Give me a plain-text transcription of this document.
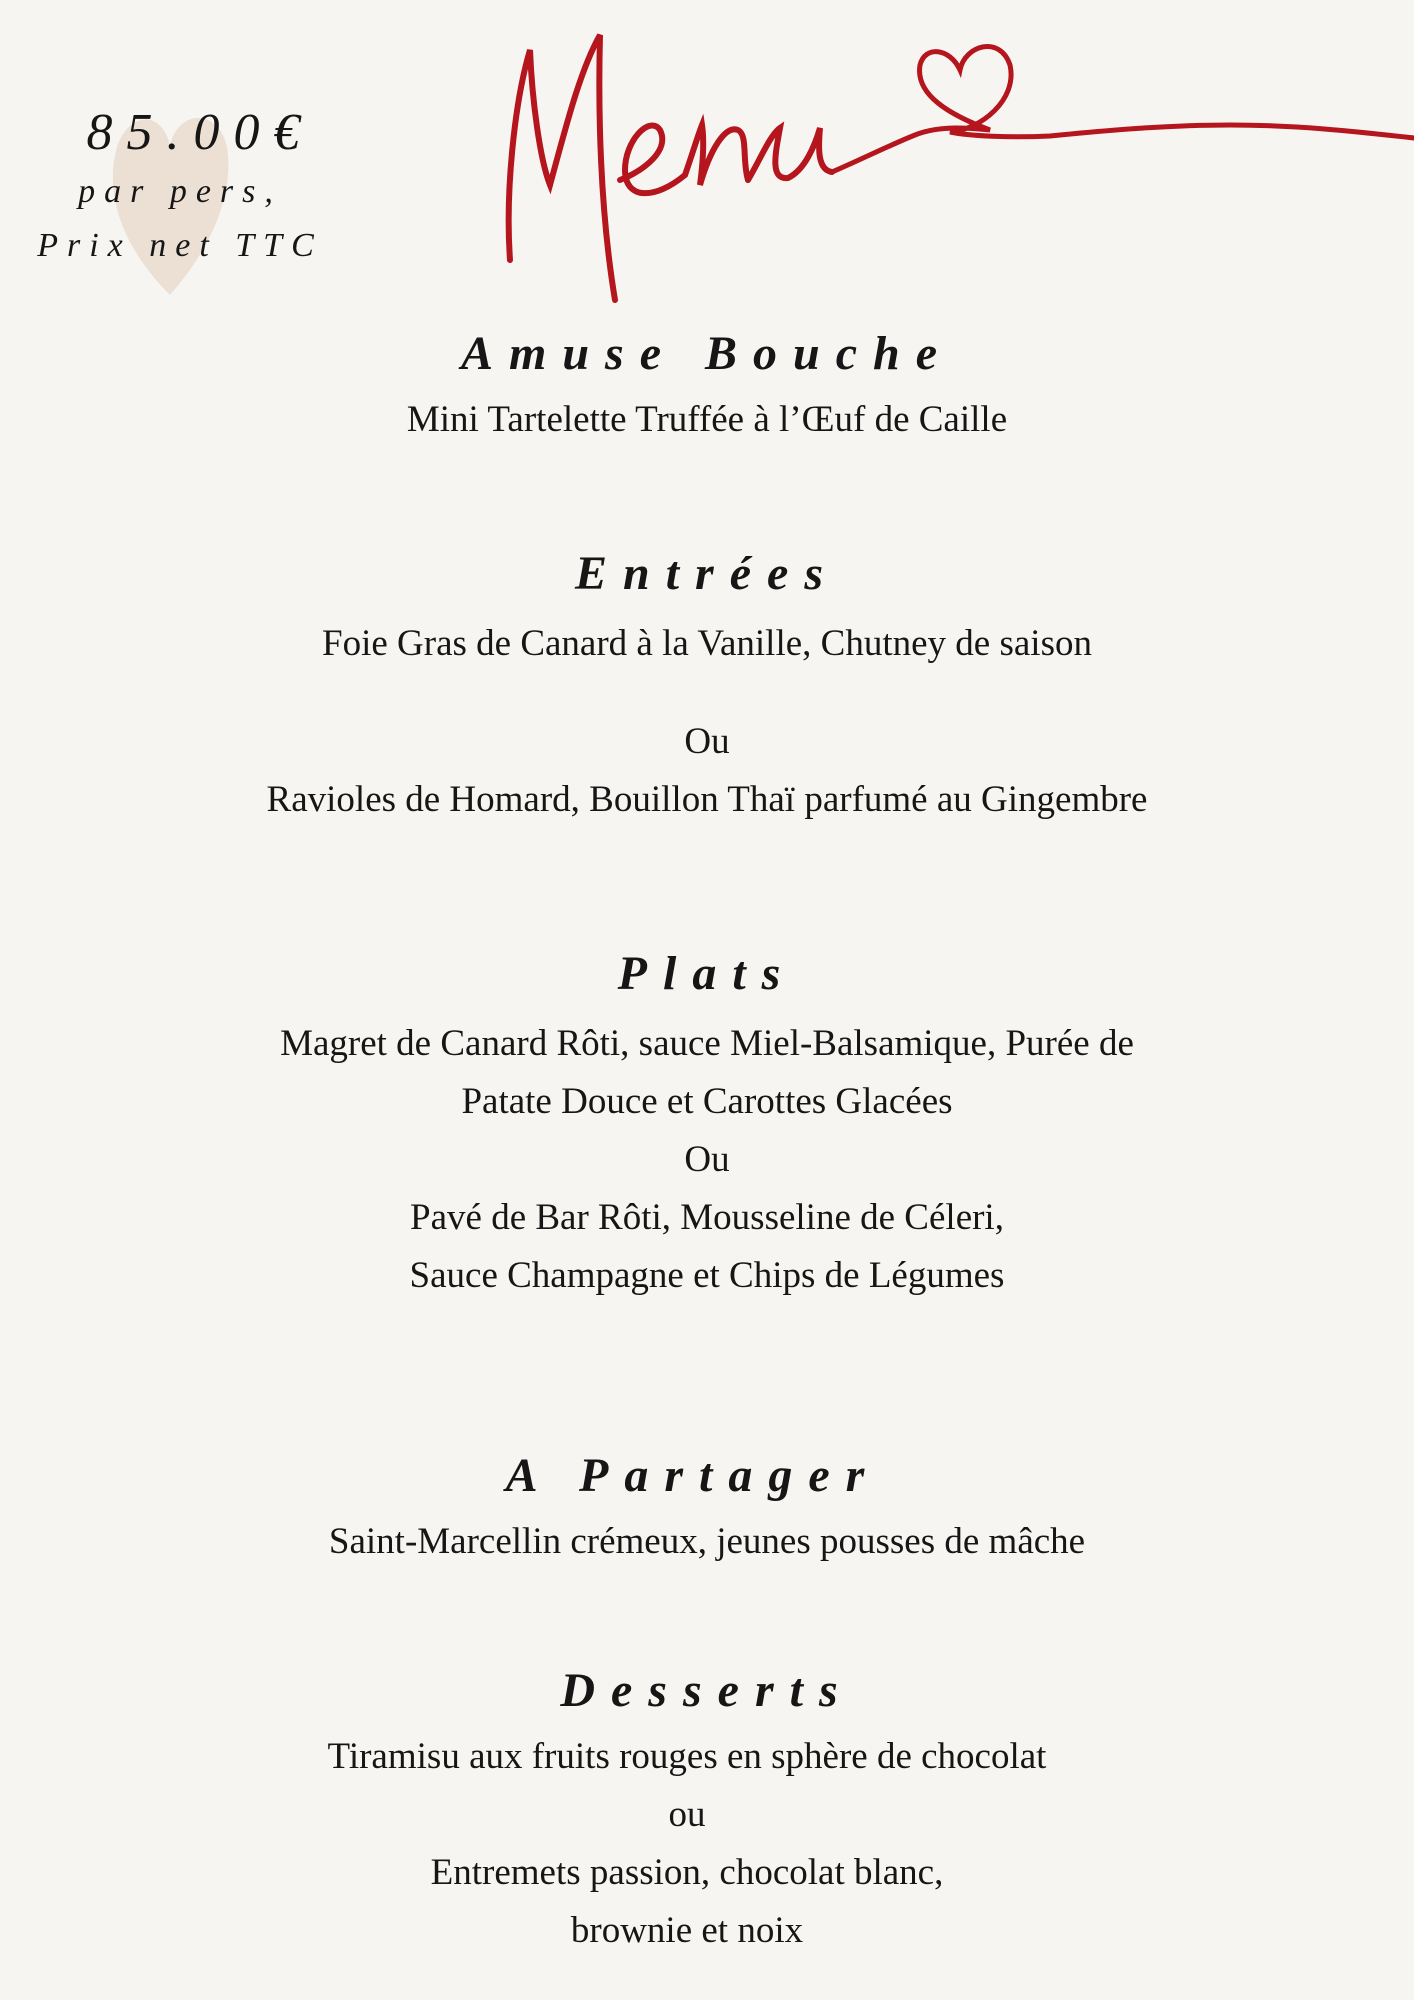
85.00€
par pers,
Prix net TTC
Amuse Bouche

Mini Tartelette Truffée à l’Œuf de Caille

Entrées

Foie Gras de Canard à la Vanille, Chutney de saison

Ou

Ravioles de Homard, Bouillon Thaï parfumé au Gingembre

Plats

Magret de Canard Rôti, sauce Miel-Balsamique, Purée de

Patate Douce et Carottes Glacées

Ou

Pavé de Bar Rôti, Mousseline de Céleri,

Sauce Champagne et Chips de Légumes

A Partager

Saint-Marcellin crémeux, jeunes pousses de mâche

Desserts

Tiramisu aux fruits rouges en sphère de chocolat

ou

Entremets passion, chocolat blanc,

brownie et noix
